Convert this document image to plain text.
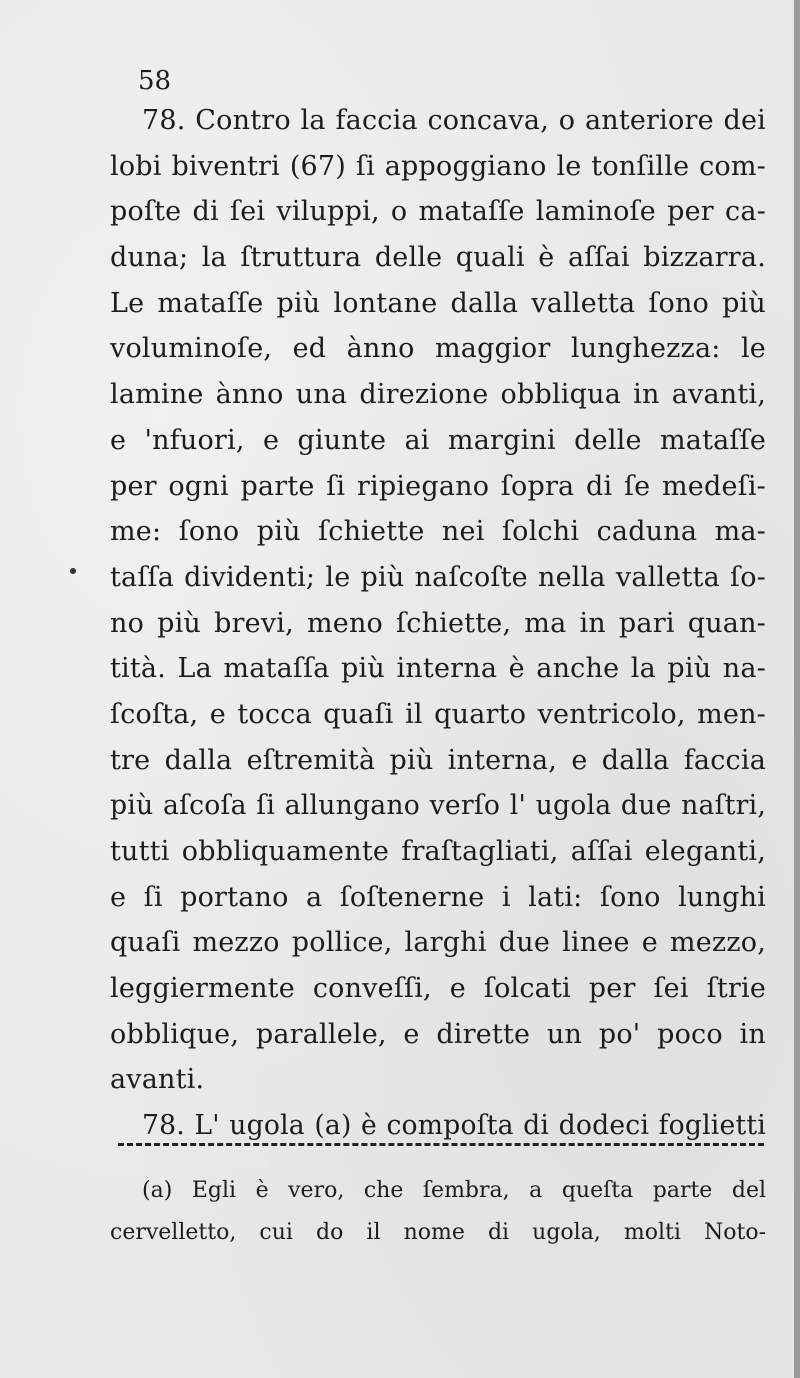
58
78. Contro la faccia concava, o anteriore dei
lobi biventri (67) ſi appoggiano le tonſille com-
poſte di ſei viluppi, o mataſſe laminoſe per ca-
duna; la ſtruttura delle quali è aſſai bizzarra.
Le mataſſe più lontane dalla valletta ſono più
voluminoſe, ed ànno maggior lunghezza: le
lamine ànno una direzione obbliqua in avanti,
e 'nfuori, e giunte ai margini delle mataſſe
per ogni parte ſi ripiegano ſopra di ſe medeſi-
me: ſono più ſchiette nei ſolchi caduna ma-
taſſa dividenti; le più naſcoſte nella valletta ſo-
no più brevi, meno ſchiette, ma in pari quan-
tità. La mataſſa più interna è anche la più na-
ſcoſta, e tocca quaſi il quarto ventricolo, men-
tre dalla eſtremità più interna, e dalla faccia
più aſcoſa ſi allungano verſo l' ugola due naſtri,
tutti obbliquamente fraſtagliati, aſſai eleganti,
e ſi portano a ſoſtenerne i lati: ſono lunghi
quaſi mezzo pollice, larghi due linee e mezzo,
leggiermente conveſſi, e ſolcati per ſei ſtrie
obblique, parallele, e dirette un po' poco in
avanti.
78. L' ugola (a) è compoſta di dodeci foglietti
(a) Egli è vero, che ſembra, a queſta parte del
cervelletto, cui do il nome di ugola, molti Noto-
